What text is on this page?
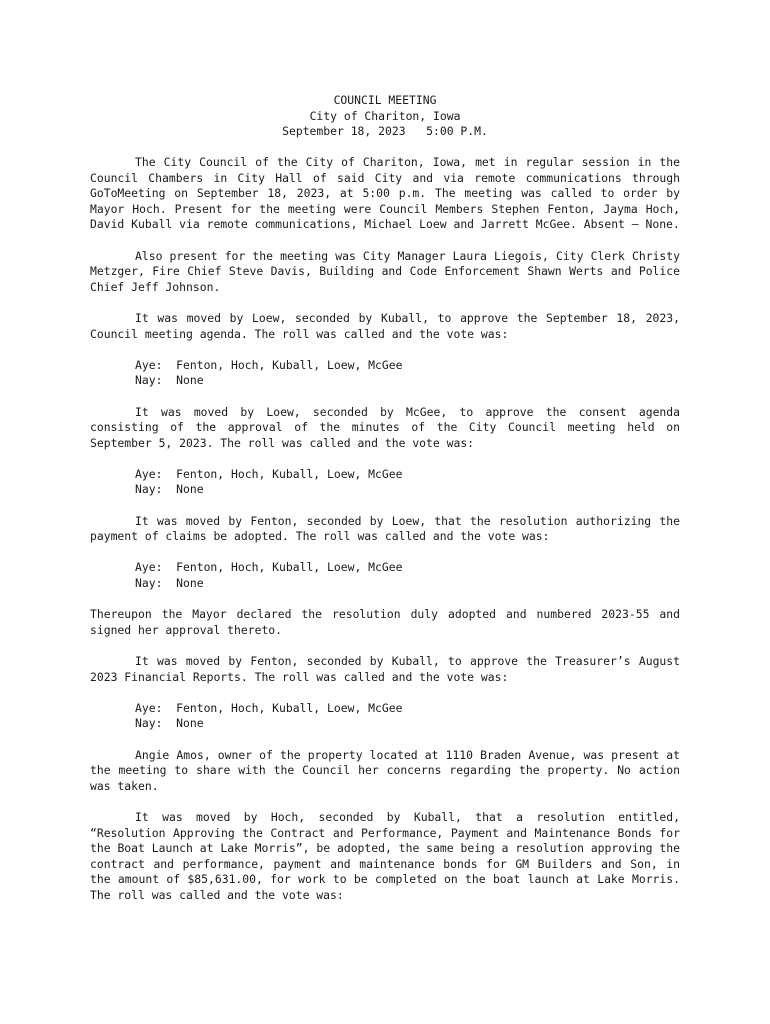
COUNCIL MEETING
City of Chariton, Iowa
September 18, 2023   5:00 P.M.

The City Council of the City of Chariton, Iowa, met in regular session in the Council Chambers in City Hall of said City and via remote communications through GoToMeeting on September 18, 2023, at 5:00 p.m. The meeting was called to order by Mayor Hoch. Present for the meeting were Council Members Stephen Fenton, Jayma Hoch, David Kuball via remote communications, Michael Loew and Jarrett McGee. Absent – None.

Also present for the meeting was City Manager Laura Liegois, City Clerk Christy Metzger, Fire Chief Steve Davis, Building and Code Enforcement Shawn Werts and Police Chief Jeff Johnson.

It was moved by Loew, seconded by Kuball, to approve the September 18, 2023, Council meeting agenda. The roll was called and the vote was:

Aye:  Fenton, Hoch, Kuball, Loew, McGee
Nay:  None

It was moved by Loew, seconded by McGee, to approve the consent agenda consisting of the approval of the minutes of the City Council meeting held on September 5, 2023. The roll was called and the vote was:

Aye:  Fenton, Hoch, Kuball, Loew, McGee
Nay:  None

It was moved by Fenton, seconded by Loew, that the resolution authorizing the payment of claims be adopted. The roll was called and the vote was:

Aye:  Fenton, Hoch, Kuball, Loew, McGee
Nay:  None

Thereupon the Mayor declared the resolution duly adopted and numbered 2023-55 and signed her approval thereto.

It was moved by Fenton, seconded by Kuball, to approve the Treasurer’s August 2023 Financial Reports. The roll was called and the vote was:

Aye:  Fenton, Hoch, Kuball, Loew, McGee
Nay:  None

Angie Amos, owner of the property located at 1110 Braden Avenue, was present at the meeting to share with the Council her concerns regarding the property. No action was taken.

It was moved by Hoch, seconded by Kuball, that a resolution entitled, “Resolution Approving the Contract and Performance, Payment and Maintenance Bonds for the Boat Launch at Lake Morris”, be adopted, the same being a resolution approving the contract and performance, payment and maintenance bonds for GM Builders and Son, in the amount of $85,631.00, for work to be completed on the boat launch at Lake Morris. The roll was called and the vote was:
